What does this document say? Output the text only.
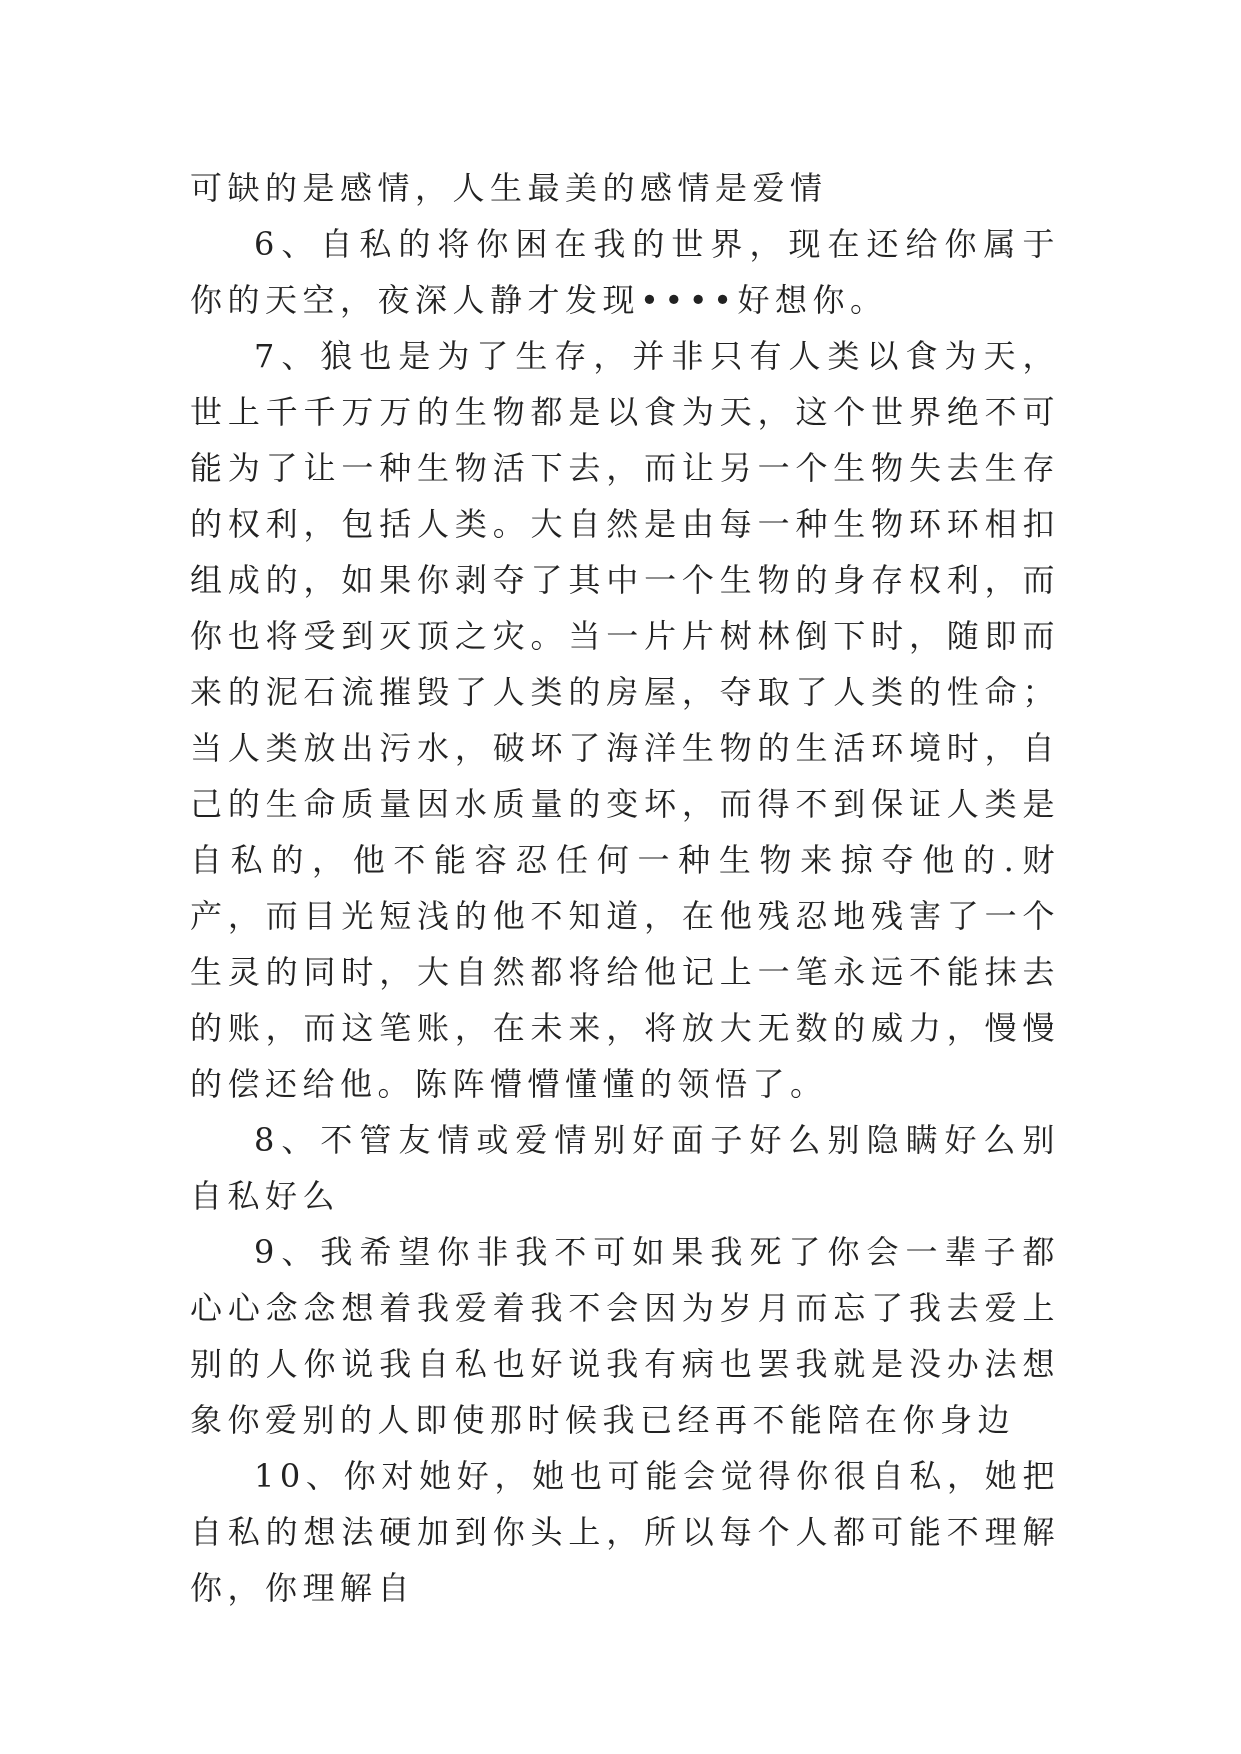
可缺的是感情，人生最美的感情是爱情

6、自私的将你困在我的世界，现在还给你属于你的天空，夜深人静才发现••••好想你。

7、狼也是为了生存，并非只有人类以食为天，世上千千万万的生物都是以食为天，这个世界绝不可能为了让一种生物活下去，而让另一个生物失去生存的权利，包括人类。大自然是由每一种生物环环相扣组成的，如果你剥夺了其中一个生物的身存权利，而你也将受到灭顶之灾。当一片片树林倒下时，随即而来的泥石流摧毁了人类的房屋，夺取了人类的性命；当人类放出污水，破坏了海洋生物的生活环境时，自己的生命质量因水质量的变坏，而得不到保证人类是自私的，他不能容忍任何一种生物来掠夺他的.财产，而目光短浅的他不知道，在他残忍地残害了一个生灵的同时，大自然都将给他记上一笔永远不能抹去的账，而这笔账，在未来，将放大无数的威力，慢慢的偿还给他。陈阵懵懵懂懂的领悟了。

8、不管友情或爱情别好面子好么别隐瞒好么别自私好么

9、我希望你非我不可如果我死了你会一辈子都心心念念想着我爱着我不会因为岁月而忘了我去爱上别的人你说我自私也好说我有病也罢我就是没办法想象你爱别的人即使那时候我已经再不能陪在你身边

10、你对她好，她也可能会觉得你很自私，她把自私的想法硬加到你头上，所以每个人都可能不理解你，你理解自
